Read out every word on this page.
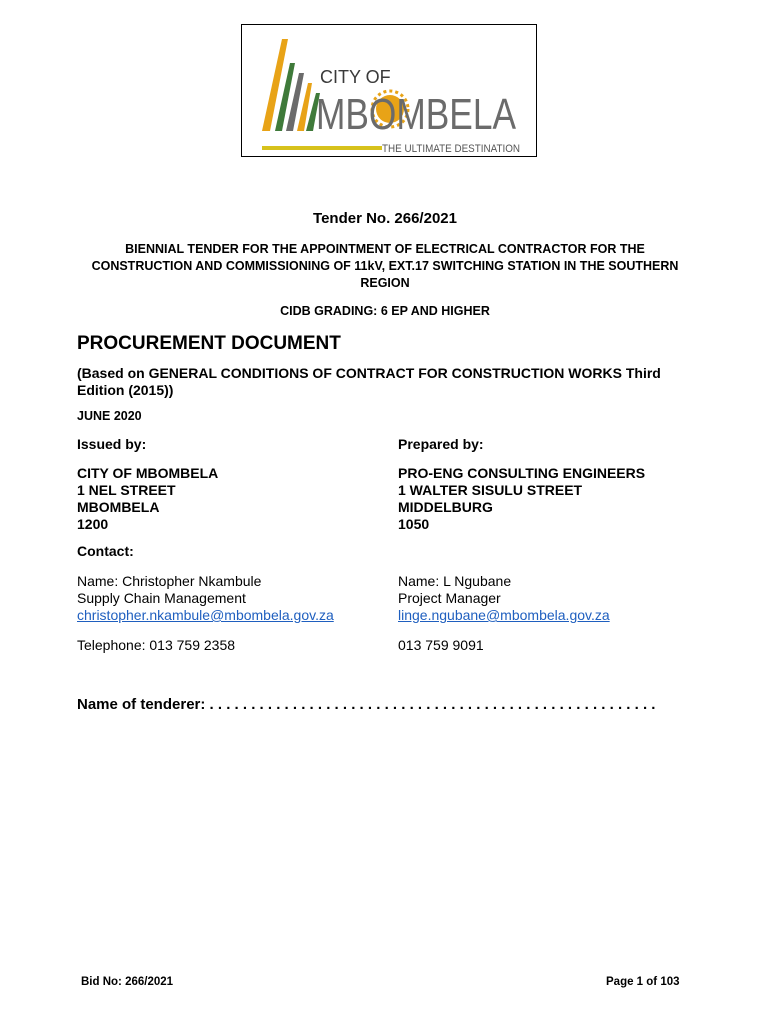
CITY OF
MBOMBELA
THE ULTIMATE DESTINATION
Tender No. 266/2021
BIENNIAL TENDER FOR THE APPOINTMENT OF ELECTRICAL CONTRACTOR FOR THE
CONSTRUCTION AND COMMISSIONING OF 11kV, EXT.17 SWITCHING STATION IN THE SOUTHERN
REGION
CIDB GRADING: 6 EP AND HIGHER
PROCUREMENT DOCUMENT
(Based on GENERAL CONDITIONS OF CONTRACT FOR CONSTRUCTION WORKS Third
Edition (2015))
JUNE 2020
Issued by:	Prepared by:
CITY OF MBOMBELA
1 NEL STREET
MBOMBELA
1200
PRO-ENG CONSULTING ENGINEERS
1 WALTER SISULU STREET
MIDDELBURG
1050
Contact:
Name: Christopher Nkambule
Supply Chain Management
christopher.nkambule@mbombela.gov.za
Telephone: 013 759 2358
Name: L Ngubane
Project Manager
linge.ngubane@mbombela.gov.za
013 759 9091
Name of tenderer: . . . . . . . . . . . . . . . . . . . . . . . . . . . . . . . . . . . . . . . . . . . . . . . . . . . . . .
Bid No: 266/2021	Page 1 of 103
